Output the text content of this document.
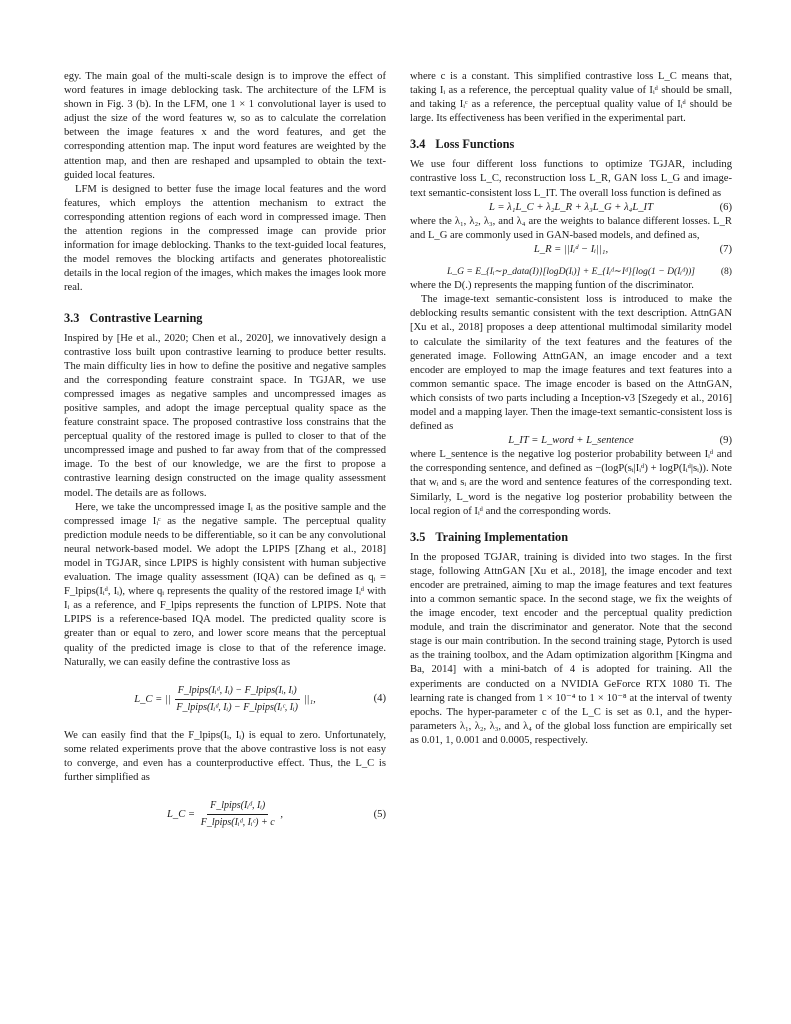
egy. The main goal of the multi-scale design is to improve the effect of word features in image deblocking task. The architecture of the LFM is shown in Fig. 3 (b). In the LFM, one 1 × 1 convolutional layer is used to adjust the size of the word features w, so as to calculate the correlation between the image features x and the word features, and get the corresponding attention map. The input word features are weighted by the attention map, and then are reshaped and upsampled to obtain the text-guided local features.

LFM is designed to better fuse the image local features and the word features, which employs the attention mechanism to extract the corresponding attention regions of each word in compressed image. Then the attention regions in the compressed image can provide prior information for image deblocking. Thanks to the text-guided local features, the model removes the blocking artifacts and generates photorealistic details in the local region of the images, which makes the images look more real.

3.3 Contrastive Learning

Inspired by [He et al., 2020; Chen et al., 2020], we innovatively design a contrastive loss built upon contrastive learning to produce better results. The main difficulty lies in how to define the positive and negative samples and the corresponding feature constraint space. In TGJAR, we use compressed images as negative samples and uncompressed images as positive samples, and adopt the image perceptual quality space as the feature constraint space. The proposed contrastive loss constrains that the perceptual quality of the restored image is pulled to closer to that of the uncompressed image and pushed to far away from that of the compressed image. To the best of our knowledge, we are the first to propose a contrastive learning design constructed on the image quality assessment model. The details are as follows.

Here, we take the uncompressed image Iᵢ as the positive sample and the compressed image Iᵢᶜ as the negative sample. The perceptual quality prediction module needs to be differentiable, so it can be any convolutional neural network-based model. We adopt the LPIPS [Zhang et al., 2018] model in TGJAR, since LPIPS is highly consistent with human subjective evaluation. The image quality assessment (IQA) can be defined as qᵢ = F_lpips(Iᵢᵈ, Iᵢ), where qᵢ represents the quality of the restored image Iᵢᵈ with Iᵢ as a reference, and F_lpips represents the function of LPIPS. Note that LPIPS is a reference-based IQA model. The predicted quality score is greater than or equal to zero, and lower score means that the perceptual quality of the predicted image is close to that of the reference image. Naturally, we can easily define the contrastive loss as

L_C = || $\frac{\text{F\_lpips(Iᵢᵈ, Iᵢ) − F\_lpips(Iᵢ, Iᵢ)}}{\text{F\_lpips(Iᵢᵈ, Iᵢ) − F\_lpips(Iᵢᶜ, Iᵢ)}} ||_1$,	(4)

We can easily find that the F_lpips(Iᵢ, Iᵢ) is equal to zero. Unfortunately, some related experiments prove that the above contrastive loss is not easy to converge, and even has a counterproductive effect. Thus, the L_C is further simplified as

L_C = $\frac{\text{F\_lpips(Iᵢᵈ, Iᵢ)}}{\text{F\_lpips(Iᵢᵈ, Iᵢᶜ) + c}}$ ,	(5)

where c is a constant. This simplified contrastive loss L_C means that, taking Iᵢ as a reference, the perceptual quality value of Iᵢᵈ should be small, and taking Iᵢᶜ as a reference, the perceptual quality value of Iᵢᵈ should be large. Its effectiveness has been verified in the experimental part.

3.4 Loss Functions

We use four different loss functions to optimize TGJAR, including contrastive loss L_C, reconstruction loss L_R, GAN loss L_G and image-text semantic-consistent loss L_IT. The overall loss function is defined as

L = λ₁L_C + λ₂L_R + λ₃L_G + λ₄L_IT	(6)

where the λ₁, λ₂, λ₃, and λ₄ are the weights to balance different losses. L_R and L_G are commonly used in GAN-based models, and defined as,

L_R = ||Iᵢᵈ − Iᵢ||₁,	(7)
L_G = E_{Iᵢ∼p_data(I)}[logD(Iᵢ)] + E_{Iᵢᵈ∼Iᵈ}[log(1 − D(Iᵢᵈ))]	(8)

where the D(.) represents the mapping funtion of the discriminator.

The image-text semantic-consistent loss is introduced to make the deblocking results semantic consistent with the text description. AttnGAN [Xu et al., 2018] proposes a deep attentional multimodal similarity model to calculate the similarity of the text features and the features of the generated image. Following AttnGAN, an image encoder and a text encoder are employed to map the image features and text features into a common semantic space. The image encoder is based on the AttnGAN, which consists of two parts including a Inception-v3 [Szegedy et al., 2016] model and a mapping layer. Then the image-text semantic-consistent loss is defined as

L_IT = L_word + L_sentence	(9)

where L_sentence is the negative log posterior probability between Iᵢᵈ and the corresponding sentence, and defined as −(logP(sᵢ|Iᵢᵈ) + logP(Iᵢᵈ|sᵢ)). Note that wᵢ and sᵢ are the word and sentence features of the corresponding text. Similarly, L_word is the negative log posterior probability between the local region of Iᵢᵈ and the corresponding words.

3.5 Training Implementation

In the proposed TGJAR, training is divided into two stages. In the first stage, following AttnGAN [Xu et al., 2018], the image encoder and text encoder are pretrained, aiming to map the image features and text features into a common semantic space. In the second stage, we fix the weights of the image encoder, text encoder and the perceptual quality prediction module, and train the discriminator and generator. Note that the second stage is our main contribution. In the second training stage, Pytorch is used as the training toolbox, and the Adam optimization algorithm [Kingma and Ba, 2014] with a mini-batch of 4 is adopted for training. All the experiments are conducted on a NVIDIA GeForce RTX 1080 Ti. The learning rate is changed from 1 × 10⁻⁴ to 1 × 10⁻⁸ at the interval of twenty epochs. The hyper-parameter c of the L_C is set as 0.1, and the hyper-parameters λ₁, λ₂, λ₃, and λ₄ of the global loss function are empirically set as 0.01, 1, 0.001 and 0.0005, respectively.
